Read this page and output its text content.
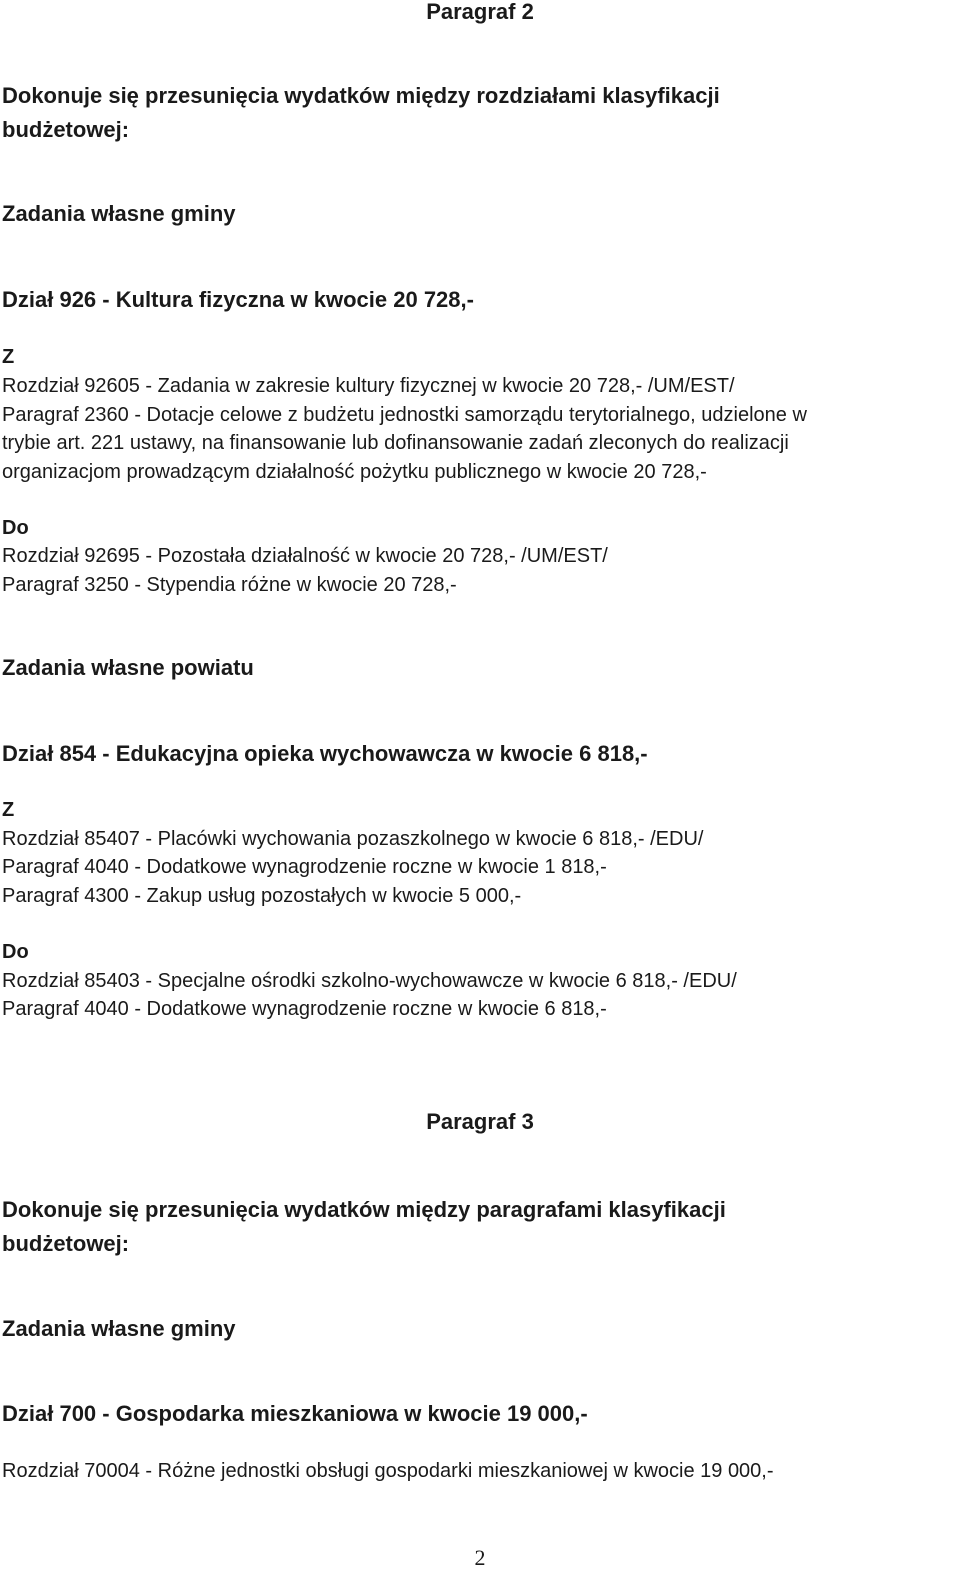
Paragraf 2
Dokonuje się przesunięcia wydatków między rozdziałami klasyfikacji
budżetowej:
Zadania własne gminy
Dział 926 - Kultura fizyczna w kwocie 20 728,-
Z
Rozdział 92605 - Zadania w zakresie kultury fizycznej w kwocie 20 728,- /UM/EST/
Paragraf 2360 - Dotacje celowe z budżetu jednostki samorządu terytorialnego, udzielone w
trybie art. 221 ustawy, na finansowanie lub dofinansowanie zadań zleconych do realizacji
organizacjom prowadzącym działalność pożytku publicznego w kwocie 20 728,-
Do
Rozdział 92695 - Pozostała działalność w kwocie 20 728,- /UM/EST/
Paragraf 3250 - Stypendia różne w kwocie 20 728,-
Zadania własne powiatu
Dział 854 - Edukacyjna opieka wychowawcza w kwocie 6 818,-
Z
Rozdział 85407 - Placówki wychowania pozaszkolnego w kwocie 6 818,- /EDU/
Paragraf 4040 - Dodatkowe wynagrodzenie roczne w kwocie 1 818,-
Paragraf 4300 - Zakup usług pozostałych w kwocie 5 000,-
Do
Rozdział 85403 - Specjalne ośrodki szkolno-wychowawcze w kwocie 6 818,- /EDU/
Paragraf 4040 - Dodatkowe wynagrodzenie roczne w kwocie 6 818,-
Paragraf 3
Dokonuje się przesunięcia wydatków między paragrafami klasyfikacji
budżetowej:
Zadania własne gminy
Dział 700 - Gospodarka mieszkaniowa w kwocie 19 000,-
Rozdział 70004 - Różne jednostki obsługi gospodarki mieszkaniowej w kwocie 19 000,-
2
